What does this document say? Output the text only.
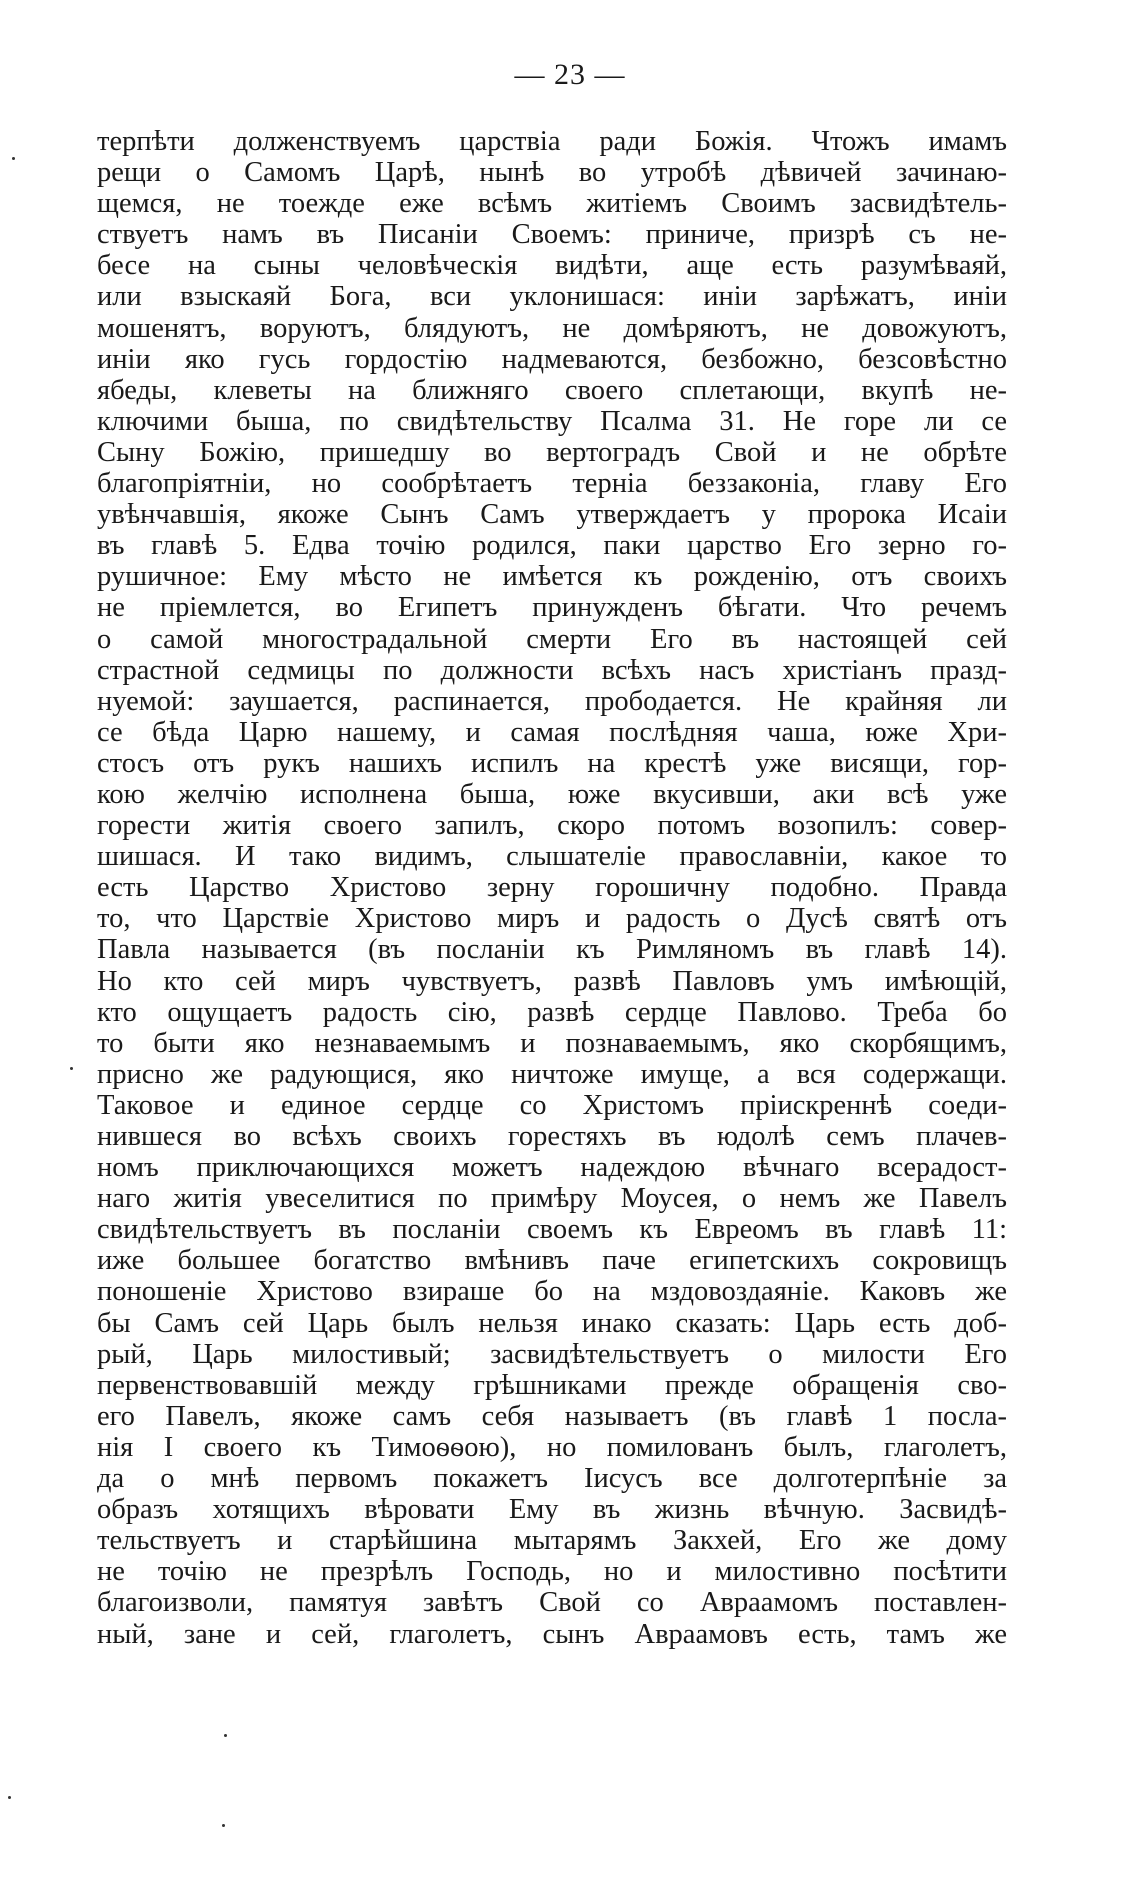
— 23 —
терпѣти долженствуемъ царствіа ради Божія. Чтожъ имамъ
рещи о Самомъ Царѣ, нынѣ во утробѣ дѣвичей зачинаю-
щемся, не тоежде еже всѣмъ житіемъ Своимъ засвидѣтель-
ствуетъ намъ въ Писаніи Своемъ: приниче, призрѣ съ не-
бесе на сыны человѣческія видѣти, аще есть разумѣваяй,
или взыскаяй Бога, вси уклонишася: иніи зарѣжатъ, иніи
мошенятъ, воруютъ, блядуютъ, не домѣряютъ, не довожуютъ,
иніи яко гусь гордостію надмеваются, безбожно, безсовѣстно
ябеды, клеветы на ближняго своего сплетающи, вкупѣ не-
ключими быша, по свидѣтельству Псалма 31. Не горе ли се
Сыну Божію, пришедшу во вертоградъ Свой и не обрѣте
благопріятніи, но сообрѣтаетъ терніа беззаконіа, главу Его
увѣнчавшія, якоже Сынъ Самъ утверждаетъ у пророка Исаіи
въ главѣ 5. Едва точію родился, паки царство Его зерно го-
рушичное: Ему мѣсто не имѣется къ рожденію, отъ своихъ
не пріемлется, во Египетъ принужденъ бѣгати. Что речемъ
о самой многострадальной смерти Его въ настоящей сей
страстной седмицы по должности всѣхъ насъ христіанъ празд-
нуемой: заушается, распинается, прободается. Не крайняя ли
се бѣда Царю нашему, и самая послѣдняя чаша, юже Хри-
стосъ отъ рукъ нашихъ испилъ на крестѣ уже висящи, гор-
кою желчію исполнена быша, юже вкусивши, аки всѣ уже
горести житія своего запилъ, скоро потомъ возопилъ: совер-
шишася. И тако видимъ, слышателіе православніи, какое то
есть Царство Христово зерну горошичну подобно. Правда
то, что Царствіе Христово миръ и радость о Дусѣ святѣ отъ
Павла называется (въ посланіи къ Римляномъ въ главѣ 14).
Но кто сей миръ чувствуетъ, развѣ Павловъ умъ имѣющій,
кто ощущаетъ радость сію, развѣ сердце Павлово. Треба бо
то быти яко незнаваемымъ и познаваемымъ, яко скорбящимъ,
присно же радующися, яко ничтоже имуще, а вся содержащи.
Таковое и единое сердце со Христомъ пріискреннѣ соеди-
нившеся во всѣхъ своихъ горестяхъ въ юдолѣ семъ плачев-
номъ приключающихся можетъ надеждою вѣчнаго всерадост-
наго житія увеселитися по примѣру Моусея, о немъ же Павелъ
свидѣтельствуетъ въ посланіи своемъ къ Евреомъ въ главѣ 11:
иже большее богатство вмѣнивъ паче египетскихъ сокровищъ
поношеніе Христово взираше бо на мздовоздаяніе. Каковъ же
бы Самъ сей Царь былъ нельзя инако сказать: Царь есть доб-
рый, Царь милостивый; засвидѣтельствуетъ о милости Его
первенствовавшій между грѣшниками прежде обращенія сво-
его Павелъ, якоже самъ себя называетъ (въ главѣ 1 посла-
нія I своего къ Тимоѳѳою), но помилованъ былъ, глаголетъ,
да о мнѣ первомъ покажетъ Іисусъ все долготерпѣніе за
образъ хотящихъ вѣровати Ему въ жизнь вѣчную. Засвидѣ-
тельствуетъ и старѣйшина мытарямъ Закхей, Его же дому
не точію не презрѣлъ Господь, но и милостивно посѣтити
благоизволи, памятуя завѣтъ Свой со Авраамомъ поставлен-
ный, зане и сей, глаголетъ, сынъ Авраамовъ есть, тамъ же
